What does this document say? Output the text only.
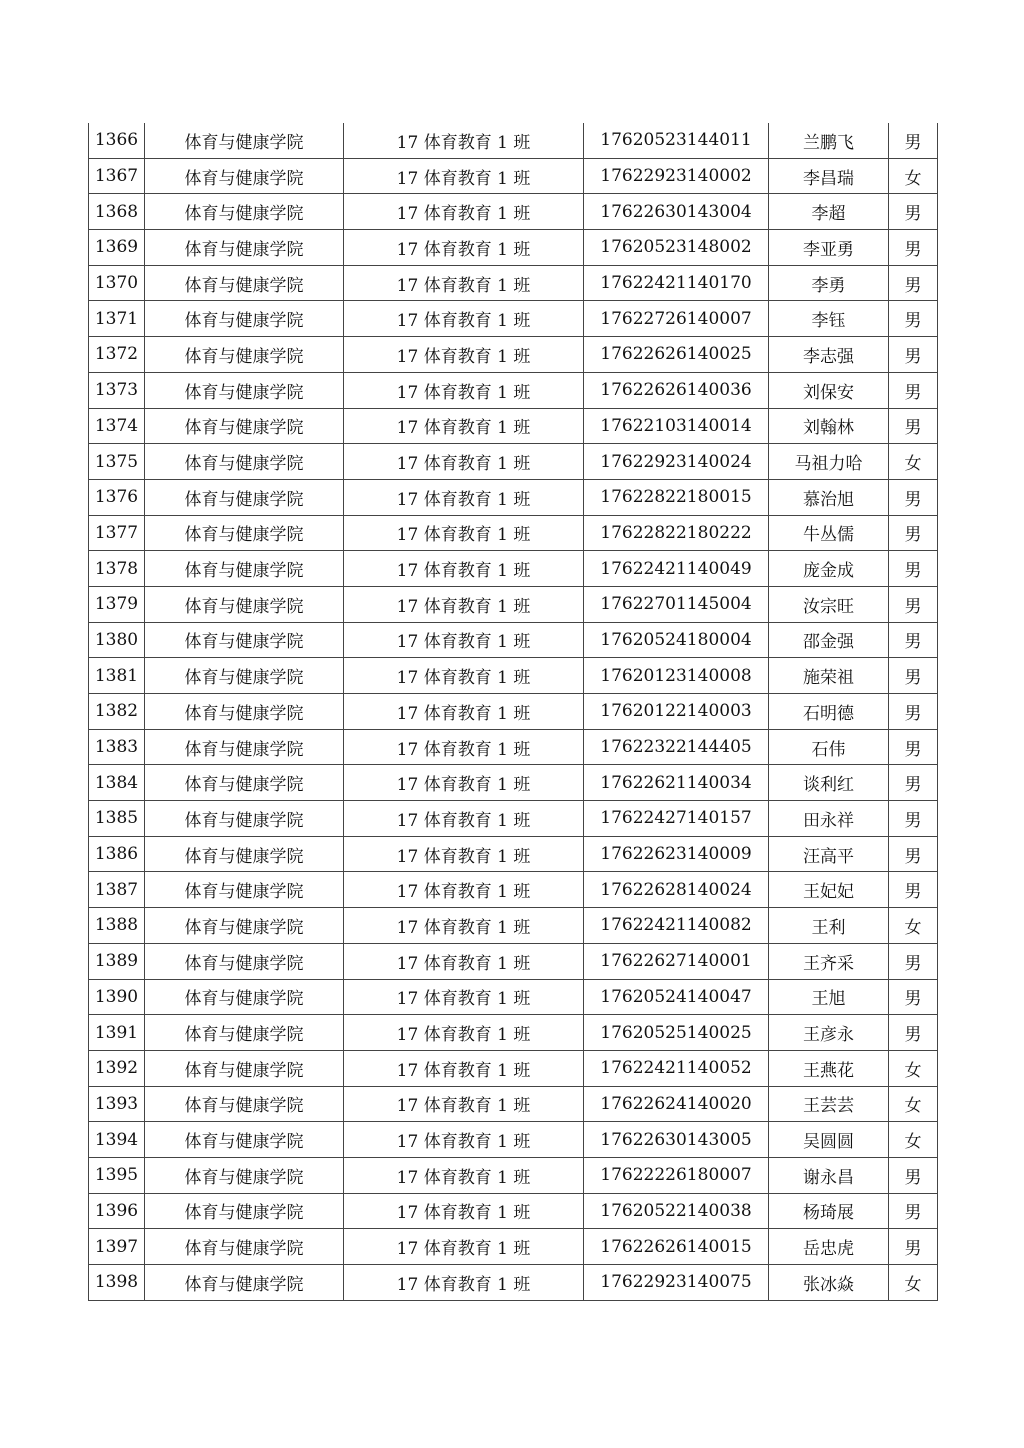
1366	体育与健康学院	17 体育教育 1 班	17620523144011	兰鹏飞	男
1367	体育与健康学院	17 体育教育 1 班	17622923140002	李昌瑞	女
1368	体育与健康学院	17 体育教育 1 班	17622630143004	李超	男
1369	体育与健康学院	17 体育教育 1 班	17620523148002	李亚勇	男
1370	体育与健康学院	17 体育教育 1 班	17622421140170	李勇	男
1371	体育与健康学院	17 体育教育 1 班	17622726140007	李钰	男
1372	体育与健康学院	17 体育教育 1 班	17622626140025	李志强	男
1373	体育与健康学院	17 体育教育 1 班	17622626140036	刘保安	男
1374	体育与健康学院	17 体育教育 1 班	17622103140014	刘翰林	男
1375	体育与健康学院	17 体育教育 1 班	17622923140024	马祖力哈	女
1376	体育与健康学院	17 体育教育 1 班	17622822180015	慕治旭	男
1377	体育与健康学院	17 体育教育 1 班	17622822180222	牛丛儒	男
1378	体育与健康学院	17 体育教育 1 班	17622421140049	庞金成	男
1379	体育与健康学院	17 体育教育 1 班	17622701145004	汝宗旺	男
1380	体育与健康学院	17 体育教育 1 班	17620524180004	邵金强	男
1381	体育与健康学院	17 体育教育 1 班	17620123140008	施荣祖	男
1382	体育与健康学院	17 体育教育 1 班	17620122140003	石明德	男
1383	体育与健康学院	17 体育教育 1 班	17622322144405	石伟	男
1384	体育与健康学院	17 体育教育 1 班	17622621140034	谈利红	男
1385	体育与健康学院	17 体育教育 1 班	17622427140157	田永祥	男
1386	体育与健康学院	17 体育教育 1 班	17622623140009	汪高平	男
1387	体育与健康学院	17 体育教育 1 班	17622628140024	王妃妃	男
1388	体育与健康学院	17 体育教育 1 班	17622421140082	王利	女
1389	体育与健康学院	17 体育教育 1 班	17622627140001	王齐采	男
1390	体育与健康学院	17 体育教育 1 班	17620524140047	王旭	男
1391	体育与健康学院	17 体育教育 1 班	17620525140025	王彦永	男
1392	体育与健康学院	17 体育教育 1 班	17622421140052	王燕花	女
1393	体育与健康学院	17 体育教育 1 班	17622624140020	王芸芸	女
1394	体育与健康学院	17 体育教育 1 班	17622630143005	吴圆圆	女
1395	体育与健康学院	17 体育教育 1 班	17622226180007	谢永昌	男
1396	体育与健康学院	17 体育教育 1 班	17620522140038	杨琦展	男
1397	体育与健康学院	17 体育教育 1 班	17622626140015	岳忠虎	男
1398	体育与健康学院	17 体育教育 1 班	17622923140075	张冰焱	女
